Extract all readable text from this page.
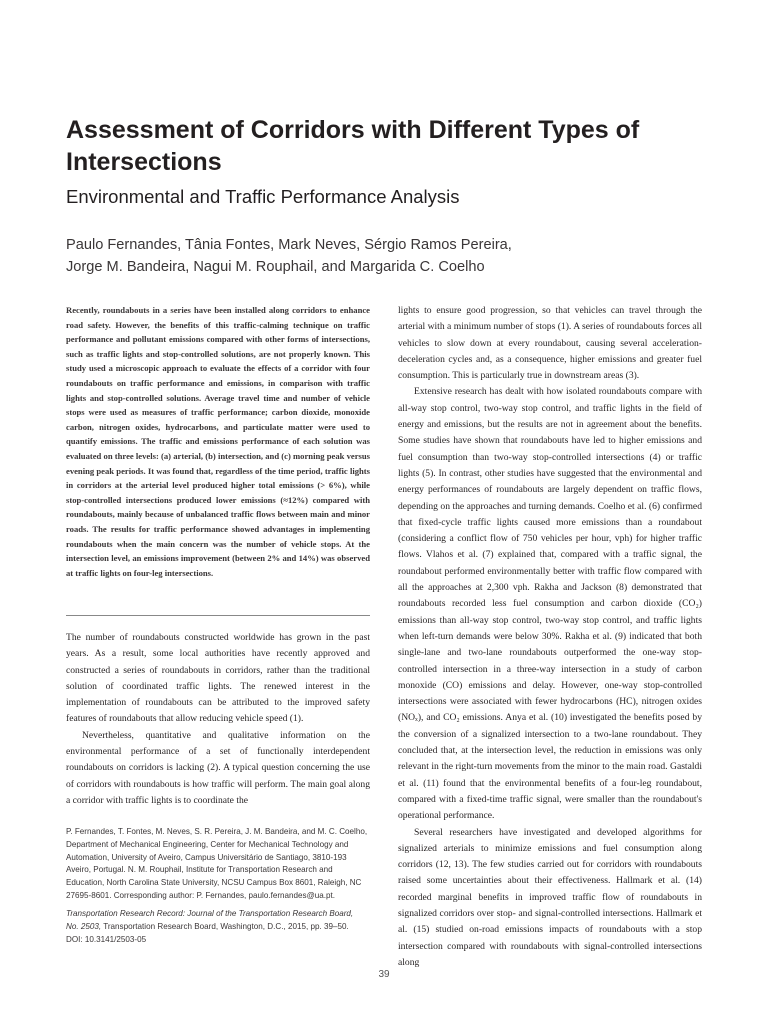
Assessment of Corridors with Different Types of Intersections
Environmental and Traffic Performance Analysis
Paulo Fernandes, Tânia Fontes, Mark Neves, Sérgio Ramos Pereira,
Jorge M. Bandeira, Nagui M. Rouphail, and Margarida C. Coelho

Recently, roundabouts in a series have been installed along corridors to enhance road safety. However, the benefits of this traffic-calming technique on traffic performance and pollutant emissions compared with other forms of intersections, such as traffic lights and stop-controlled solutions, are not properly known. This study used a microscopic approach to evaluate the effects of a corridor with four roundabouts on traffic performance and emissions, in comparison with traffic lights and stop-controlled solutions. Average travel time and number of vehicle stops were used as measures of traffic performance; carbon dioxide, monoxide carbon, nitrogen oxides, hydrocarbons, and particulate matter were used to quantify emissions. The traffic and emissions performance of each solution was evaluated on three levels: (a) arterial, (b) intersection, and (c) morning peak versus evening peak periods. It was found that, regardless of the time period, traffic lights in corridors at the arterial level produced higher total emissions (> 6%), while stop-controlled intersections produced lower emissions (≈12%) compared with roundabouts, mainly because of unbalanced traffic flows between main and minor roads. The results for traffic performance showed advantages in implementing roundabouts when the main concern was the number of vehicle stops. At the intersection level, an emissions improvement (between 2% and 14%) was observed at traffic lights on four-leg intersections.

The number of roundabouts constructed worldwide has grown in the past years. As a result, some local authorities have recently approved and constructed a series of roundabouts in corridors, rather than the traditional solution of coordinated traffic lights. The renewed interest in the implementation of roundabouts can be attributed to the improved safety features of roundabouts that allow reducing vehicle speed (1).

Nevertheless, quantitative and qualitative information on the environmental performance of a set of functionally interdependent roundabouts on corridors is lacking (2). A typical question concerning the use of corridors with roundabouts is how traffic will perform. The main goal along a corridor with traffic lights is to coordinate the

P. Fernandes, T. Fontes, M. Neves, S. R. Pereira, J. M. Bandeira, and M. C. Coelho, Department of Mechanical Engineering, Center for Mechanical Technology and Automation, University of Aveiro, Campus Universitário de Santiago, 3810-193 Aveiro, Portugal. N. M. Rouphail, Institute for Transportation Research and Education, North Carolina State University, NCSU Campus Box 8601, Raleigh, NC 27695-8601. Corresponding author: P. Fernandes, paulo.fernandes@ua.pt.

Transportation Research Record: Journal of the Transportation Research Board,
No. 2503, Transportation Research Board, Washington, D.C., 2015, pp. 39–50.
DOI: 10.3141/2503-05

lights to ensure good progression, so that vehicles can travel through the arterial with a minimum number of stops (1). A series of roundabouts forces all vehicles to slow down at every roundabout, causing several acceleration-deceleration cycles and, as a consequence, higher emissions and greater fuel consumption. This is particularly true in downstream areas (3).

Extensive research has dealt with how isolated roundabouts compare with all-way stop control, two-way stop control, and traffic lights in the field of energy and emissions, but the results are not in agreement about the benefits. Some studies have shown that roundabouts have led to higher emissions and fuel consumption than two-way stop-controlled intersections (4) or traffic lights (5). In contrast, other studies have suggested that the environmental and energy performances of roundabouts are largely dependent on traffic flows, depending on the approaches and turning demands. Coelho et al. (6) confirmed that fixed-cycle traffic lights caused more emissions than a roundabout (considering a conflict flow of 750 vehicles per hour, vph) for higher traffic flows. Vlahos et al. (7) explained that, compared with a traffic signal, the roundabout performed environmentally better with traffic flow compared with all the approaches at 2,300 vph. Rakha and Jackson (8) demonstrated that roundabouts recorded less fuel consumption and carbon dioxide (CO₂) emissions than all-way stop control, two-way stop control, and traffic lights when left-turn demands were below 30%. Rakha et al. (9) indicated that both single-lane and two-lane roundabouts outperformed the one-way stop-controlled intersection in a three-way intersection in a study of carbon monoxide (CO) emissions and delay. However, one-way stop-controlled intersections were associated with fewer hydrocarbons (HC), nitrogen oxides (NOₓ), and CO₂ emissions. Anya et al. (10) investigated the benefits posed by the conversion of a signalized intersection to a two-lane roundabout. They concluded that, at the intersection level, the reduction in emissions was only relevant in the right-turn movements from the minor to the main road. Gastaldi et al. (11) found that the environmental benefits of a four-leg roundabout, compared with a fixed-time traffic signal, were smaller than the roundabout's operational performance.

Several researchers have investigated and developed algorithms for signalized arterials to minimize emissions and fuel consumption along corridors (12, 13). The few studies carried out for corridors with roundabouts raised some uncertainties about their effectiveness. Hallmark et al. (14) recorded marginal benefits in improved traffic flow of roundabouts in signalized corridors over stop- and signal-controlled intersections. Hallmark et al. (15) studied on-road emissions impacts of roundabouts with a stop intersection compared with roundabouts with signal-controlled intersections along

39
